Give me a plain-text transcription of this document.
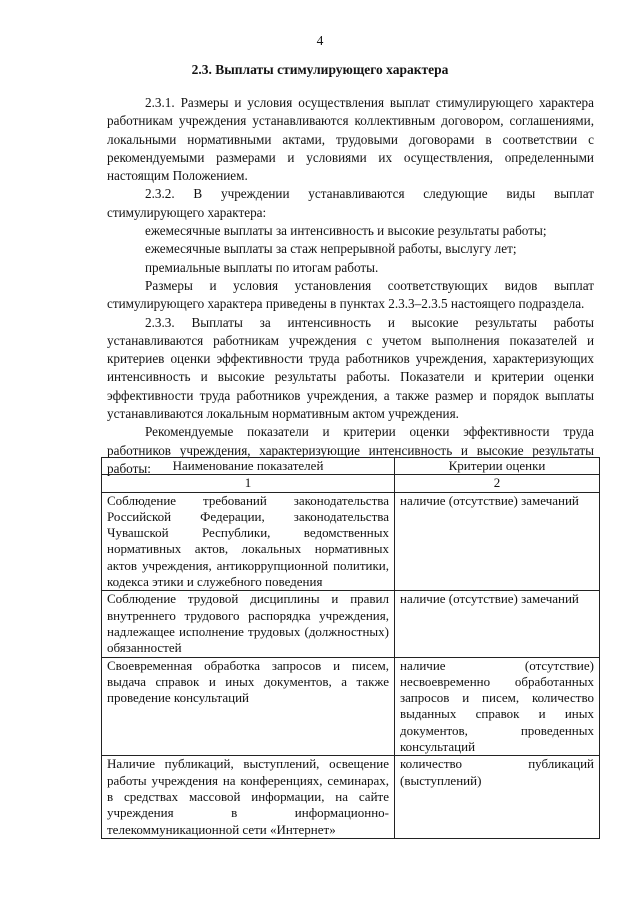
4
2.3. Выплаты стимулирующего характера

2.3.1. Размеры и условия осуществления выплат стимулирующего характера работникам учреждения устанавливаются коллективным договором, соглашениями, локальными нормативными актами, трудовыми договорами в соответствии с рекомендуемыми размерами и условиями их осуществления, определенными настоящим Положением.

2.3.2. В учреждении устанавливаются следующие виды выплат стимулирующего характера:

ежемесячные выплаты за интенсивность и высокие результаты работы;

ежемесячные выплаты за стаж непрерывной работы, выслугу лет;

премиальные выплаты по итогам работы.

Размеры и условия установления соответствующих видов выплат стимулирующего характера приведены в пунктах 2.3.3–2.3.5 настоящего подраздела.

2.3.3. Выплаты за интенсивность и высокие результаты работы устанавливаются работникам учреждения с учетом выполнения показателей и критериев оценки эффективности труда работников учреждения, характеризующих интенсивность и высокие результаты работы. Показатели и критерии оценки эффективности труда работников учреждения, а также размер и порядок выплаты устанавливаются локальным нормативным актом учреждения.

Рекомендуемые показатели и критерии оценки эффективности труда работников учреждения, характеризующие интенсивность и высокие результаты работы:	Наименование показателей	Критерии оценки
1	2
Соблюдение требований законодательства Российской Федерации, законодательства Чувашской Республики, ведомственных нормативных актов, локальных нормативных актов учреждения, антикоррупционной политики, кодекса этики и служебного поведения	наличие (отсутствие) замечаний
Соблюдение трудовой дисциплины и правил внутреннего трудового распорядка учреждения, надлежащее исполнение трудовых (должностных) обязанностей	наличие (отсутствие) замечаний
Своевременная обработка запросов и писем, выдача справок и иных документов, а также проведение консультаций	наличие (отсутствие) несвоевременно обработанных запросов и писем, количество выданных справок и иных документов, проведенных консультаций
Наличие публикаций, выступлений, освещение работы учреждения на конференциях, семинарах, в средствах массовой информации, на сайте учреждения в информационно-телекоммуникационной сети «Интернет»	количество публикаций (выступлений)
